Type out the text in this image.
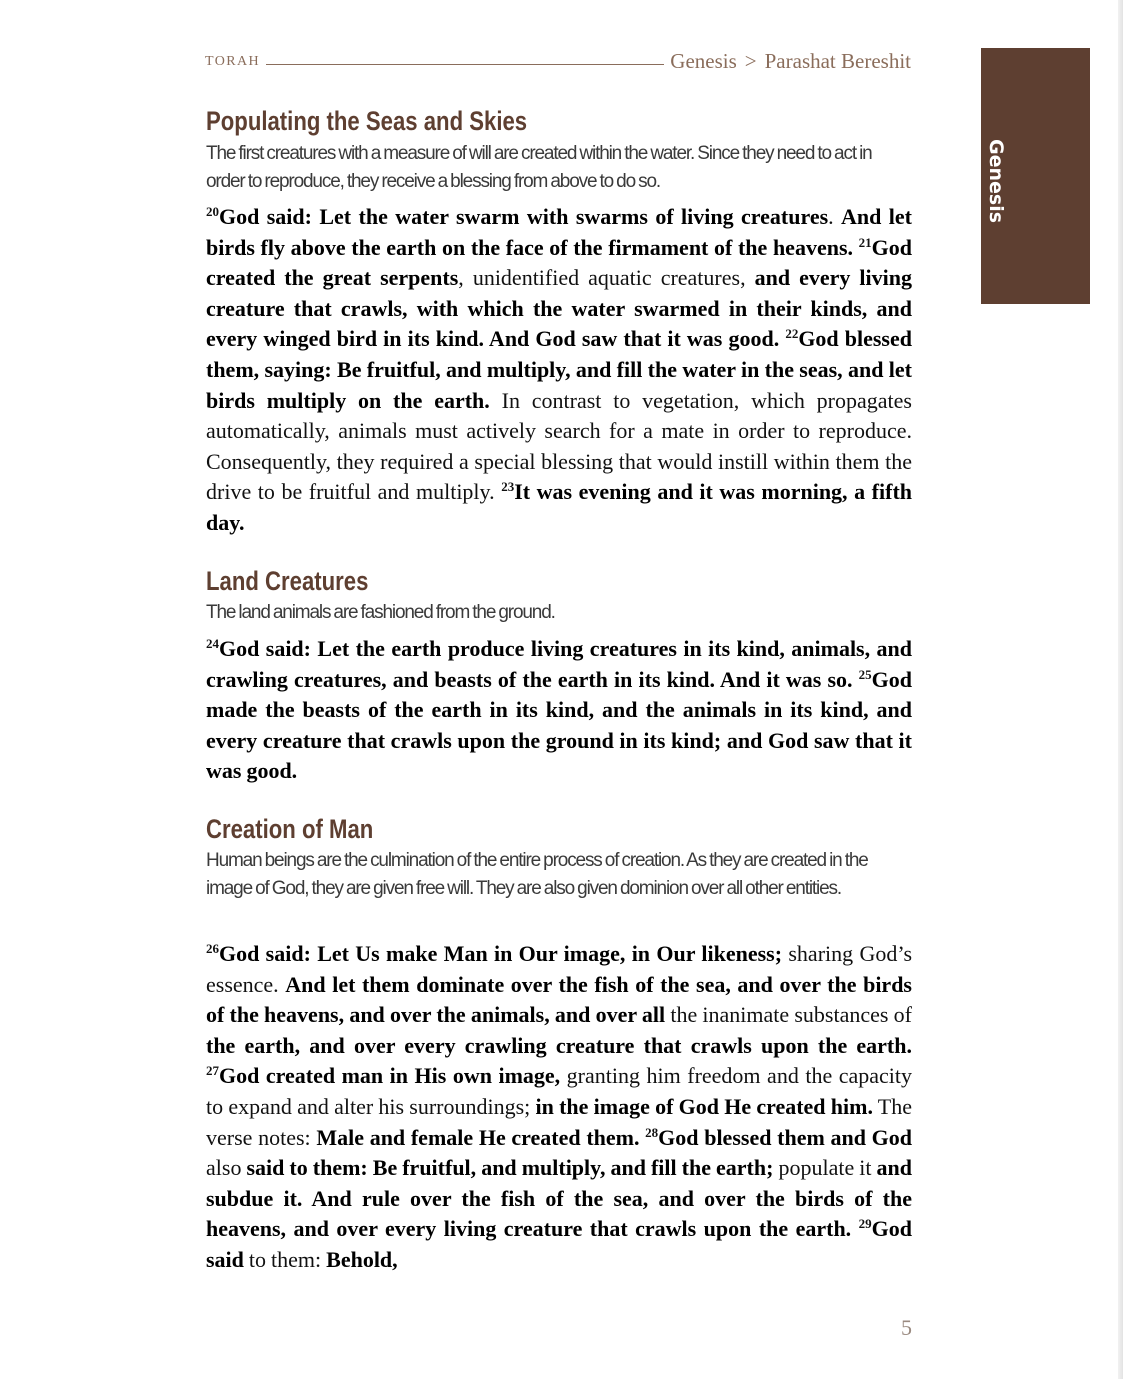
TORAH	Genesis > Parashat Bereshit
Genesis
Populating the Seas and Skies

The first creatures with a measure of will are created within the water. Since they need to act in order to reproduce, they receive a blessing from above to do so.

$^{20}$God said: Let the water swarm with swarms of living creatures. And let birds fly above the earth on the face of the firmament of the heavens. $^{21}$God created the great serpents, unidentified aquatic creatures, and every living creature that crawls, with which the water swarmed in their kinds, and every winged bird in its kind. And God saw that it was good. $^{22}$God blessed them, saying: Be fruitful, and multiply, and fill the water in the seas, and let birds multiply on the earth. In contrast to vegetation, which propagates automatically, animals must actively search for a mate in order to reproduce. Consequently, they required a special blessing that would instill within them the drive to be fruitful and multiply. $^{23}$It was evening and it was morning, a fifth day.

Land Creatures

The land animals are fashioned from the ground.

$^{24}$God said: Let the earth produce living creatures in its kind, animals, and crawling creatures, and beasts of the earth in its kind. And it was so. $^{25}$God made the beasts of the earth in its kind, and the animals in its kind, and every creature that crawls upon the ground in its kind; and God saw that it was good.

Creation of Man

Human beings are the culmination of the entire process of creation. As they are created in the image of God, they are given free will. They are also given dominion over all other entities.

$^{26}$God said: Let Us make Man in Our image, in Our likeness; sharing God’s essence. And let them dominate over the fish of the sea, and over the birds of the heavens, and over the animals, and over all the inanimate substances of the earth, and over every crawling creature that crawls upon the earth. $^{27}$God created man in His own image, granting him freedom and the capacity to expand and alter his surroundings; in the image of God He created him. The verse notes: Male and female He created them. $^{28}$God blessed them and God also said to them: Be fruitful, and multiply, and fill the earth; populate it and subdue it. And rule over the fish of the sea, and over the birds of the heavens, and over every living creature that crawls upon the earth. $^{29}$God said to them: Behold,

5
